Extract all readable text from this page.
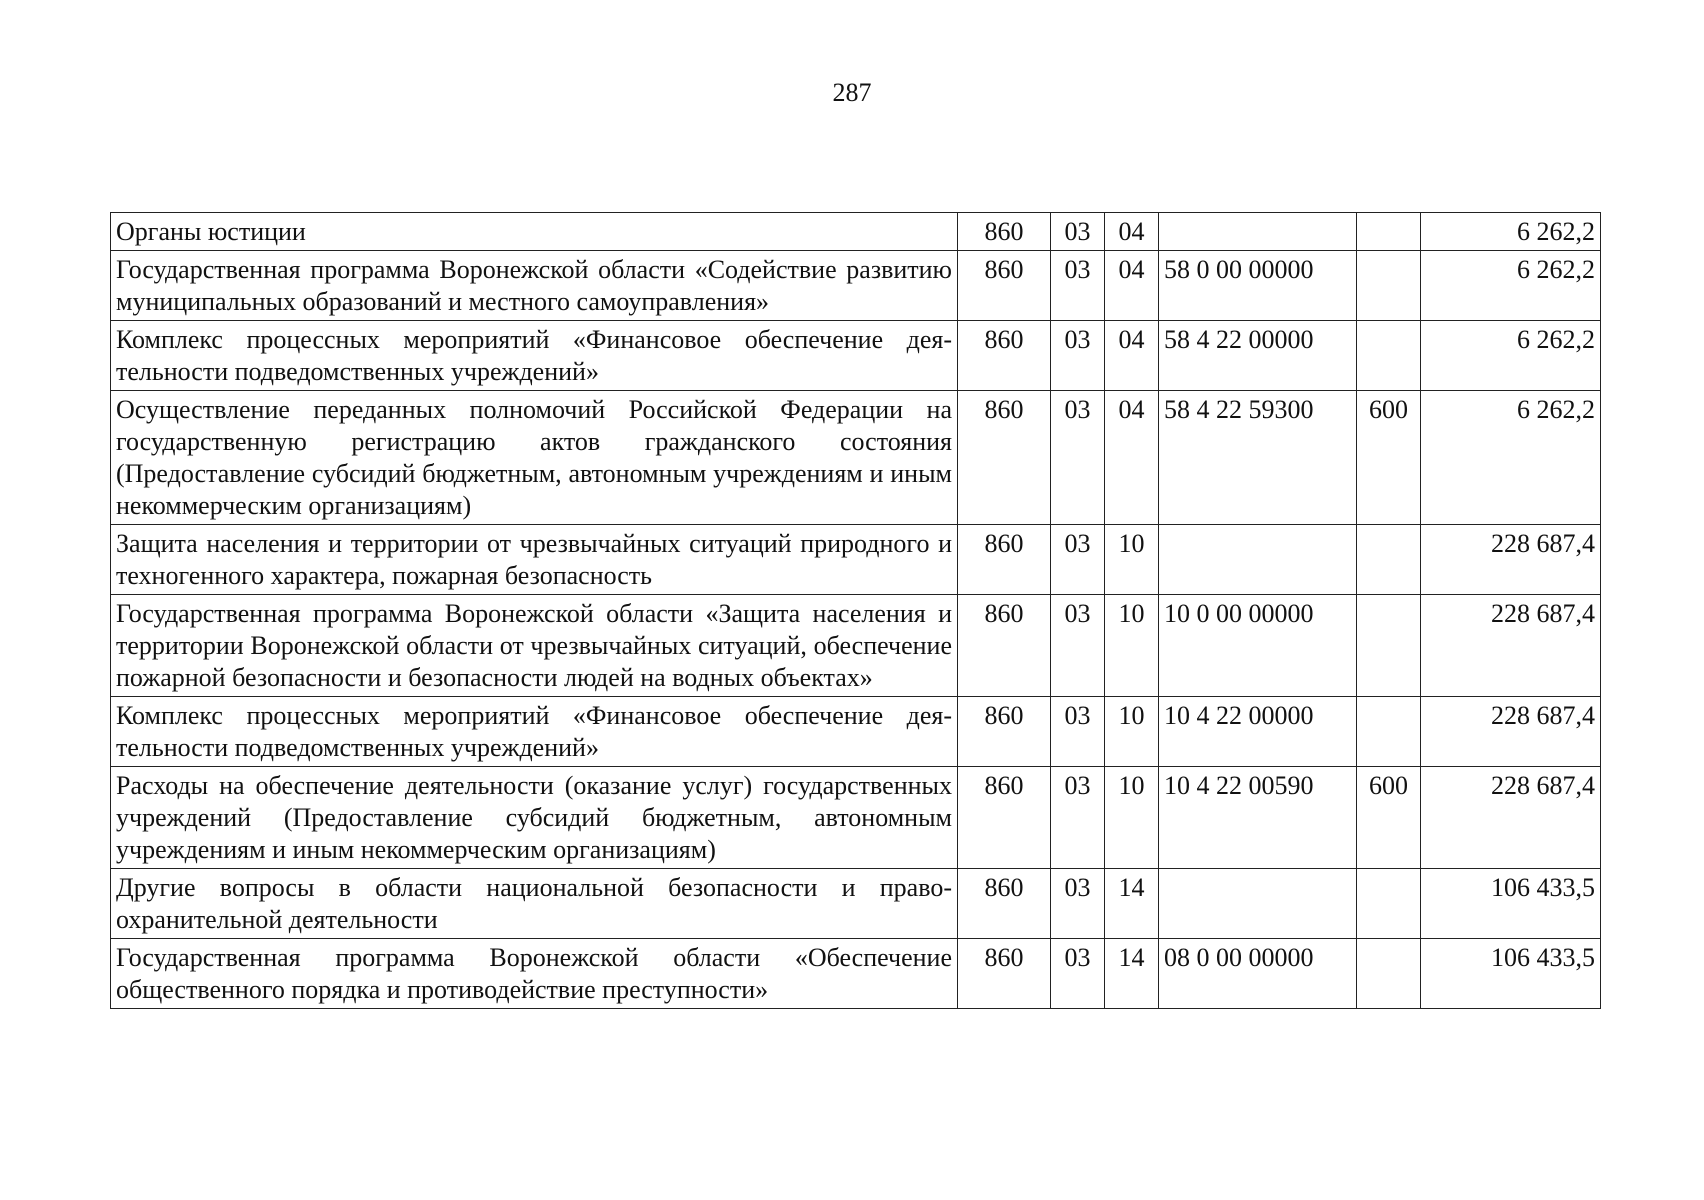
287
Органы юстиции	860	03	04			6 262,2
Государственная программа Воронежской области «Содействие развитию муниципальных образований и местного самоуправления»	860	03	04	58 0 00 00000		6 262,2
Комплекс процессных мероприятий «Финансовое обеспечение деятельности подведомственных учреждений»	860	03	04	58 4 22 00000		6 262,2
Осуществление переданных полномочий Российской Федерации на государственную регистрацию актов гражданского состояния (Предоставление субсидий бюджетным, автономным учреждениям и иным некоммерческим организациям)	860	03	04	58 4 22 59300	600	6 262,2
Защита населения и территории от чрезвычайных ситуаций природного и техногенного характера, пожарная безопасность	860	03	10			228 687,4
Государственная программа Воронежской области «Защита населения и территории Воронежской области от чрезвычайных ситуаций, обеспечение пожарной безопасности и безопасности людей на водных объектах»	860	03	10	10 0 00 00000		228 687,4
Комплекс процессных мероприятий «Финансовое обеспечение деятельности подведомственных учреждений»	860	03	10	10 4 22 00000		228 687,4
Расходы на обеспечение деятельности (оказание услуг) государственных учреждений (Предоставление субсидий бюджетным, автономным учреждениям и иным некоммерческим организациям)	860	03	10	10 4 22 00590	600	228 687,4
Другие вопросы в области национальной безопасности и правоохранительной деятельности	860	03	14			106 433,5
Государственная программа Воронежской области «Обеспечение общественного порядка и противодействие преступности»	860	03	14	08 0 00 00000		106 433,5
